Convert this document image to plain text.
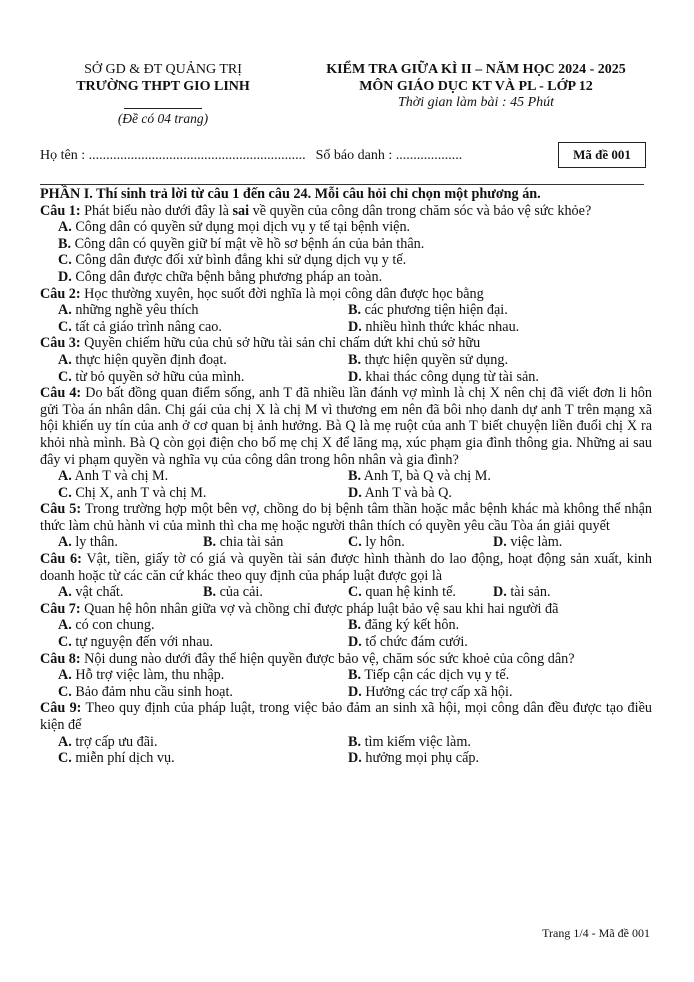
SỞ GD & ĐT QUẢNG TRỊ
TRƯỜNG THPT GIO LINH
(Đề có 04 trang)
KIỂM TRA GIỮA KÌ II – NĂM HỌC 2024 - 2025
MÔN GIÁO DỤC KT VÀ PL - LỚP 12
Thời gian làm bài : 45 Phút
Họ tên : .............................................................. Số báo danh : ...................	Mã đề 001
PHẦN I. Thí sinh trả lời từ câu 1 đến câu 24. Mỗi câu hỏi chỉ chọn một phương án.
Câu 1: Phát biểu nào dưới đây là sai về quyền của công dân trong chăm sóc và bảo vệ sức khỏe?
A. Công dân có quyền sử dụng mọi dịch vụ y tế tại bệnh viện.
B. Công dân có quyền giữ bí mật về hồ sơ bệnh án của bản thân.
C. Công dân được đối xử bình đẳng khi sử dụng dịch vụ y tế.
D. Công dân được chữa bệnh bằng phương pháp an toàn.
Câu 2: Học thường xuyên, học suốt đời nghĩa là mọi công dân được học bằng
A. những nghề yêu thích	B. các phương tiện hiện đại.
C. tất cả giáo trình nâng cao.	D. nhiều hình thức khác nhau.
Câu 3: Quyền chiếm hữu của chủ sở hữu tài sản chỉ chấm dứt khi chủ sở hữu
A. thực hiện quyền định đoạt.	B. thực hiện quyền sử dụng.
C. từ bỏ quyền sở hữu của mình.	D. khai thác công dụng từ tài sản.
Câu 4: Do bất đồng quan điểm sống, anh T đã nhiều lần đánh vợ mình là chị X nên chị đã viết đơn li hôn gửi Tòa án nhân dân. Chị gái của chị X là chị M vì thương em nên đã bôi nhọ danh dự anh T trên mạng xã hội khiến uy tín của anh ở cơ quan bị ảnh hưởng. Bà Q là mẹ ruột của anh T biết chuyện liền đuổi chị X ra khỏi nhà mình. Bà Q còn gọi điện cho bố mẹ chị X để lăng mạ, xúc phạm gia đình thông gia. Những ai sau đây vi phạm quyền và nghĩa vụ của công dân trong hôn nhân và gia đình?
A. Anh T và chị M.	B. Anh T, bà Q và chị M.
C. Chị X, anh T và chị M.	D. Anh T và bà Q.
Câu 5: Trong trường hợp một bên vợ, chồng do bị bệnh tâm thần hoặc mắc bệnh khác mà không thể nhận thức làm chủ hành vi của mình thì cha mẹ hoặc người thân thích có quyền yêu cầu Tòa án giải quyết
A. ly thân.	B. chia tài sản	C. ly hôn.	D. việc làm.
Câu 6: Vật, tiền, giấy tờ có giá và quyền tài sản được hình thành do lao động, hoạt động sản xuất, kinh doanh hoặc từ các căn cứ khác theo quy định của pháp luật được gọi là
A. vật chất.	B. của cải.	C. quan hệ kinh tế.	D. tài sản.
Câu 7: Quan hệ hôn nhân giữa vợ và chồng chỉ được pháp luật bảo vệ sau khi hai người đã
A. có con chung.	B. đăng ký kết hôn.
C. tự nguyện đến với nhau.	D. tổ chức đám cưới.
Câu 8: Nội dung nào dưới đây thể hiện quyền được bảo vệ, chăm sóc sức khoẻ của công dân?
A. Hỗ trợ việc làm, thu nhập.	B. Tiếp cận các dịch vụ y tế.
C. Bảo đảm nhu cầu sinh hoạt.	D. Hưởng các trợ cấp xã hội.
Câu 9: Theo quy định của pháp luật, trong việc bảo đảm an sinh xã hội, mọi công dân đều được tạo điều kiện để
A. trợ cấp ưu đãi.	B. tìm kiếm việc làm.
C. miễn phí dịch vụ.	D. hưởng mọi phụ cấp.
Trang 1/4 - Mã đề 001
